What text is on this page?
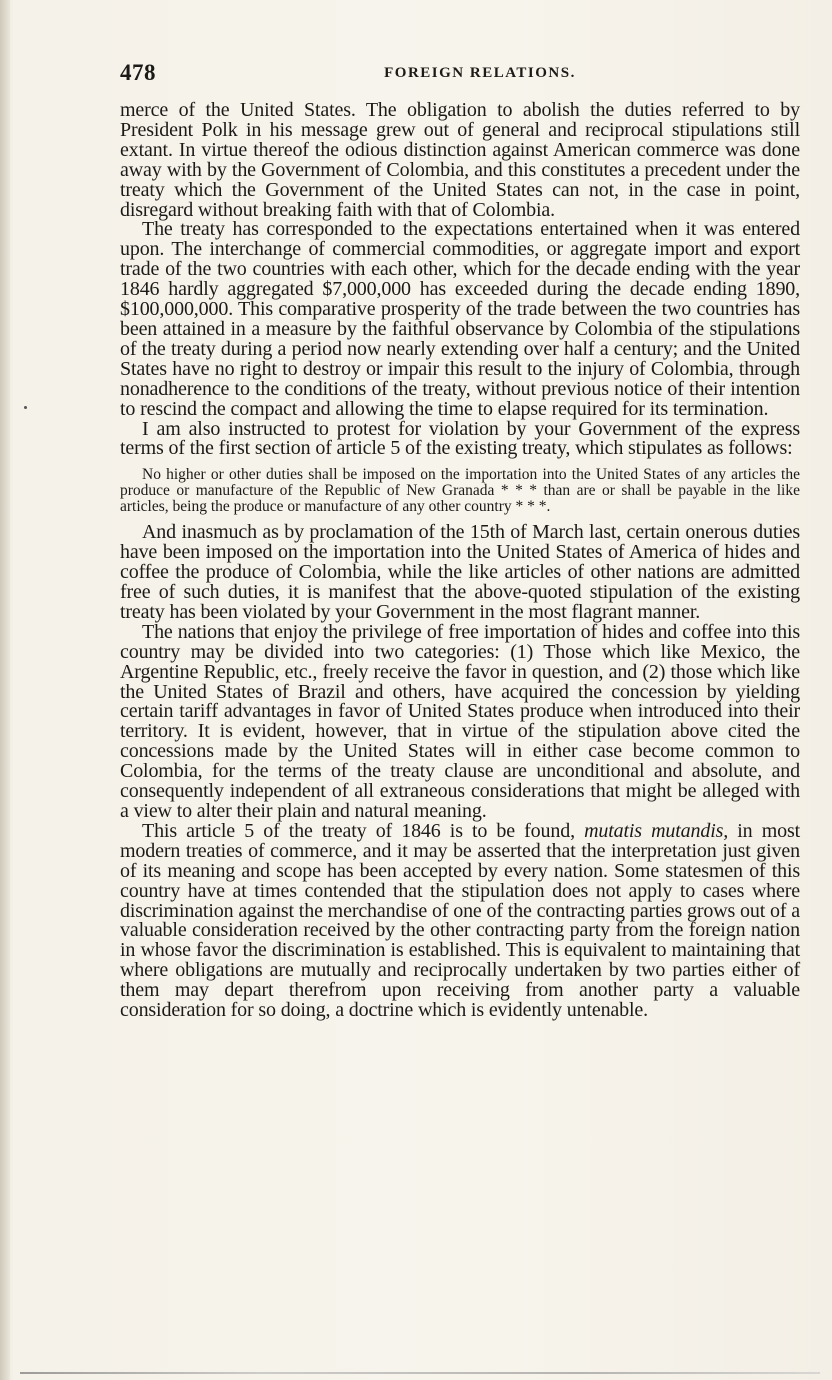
478	FOREIGN RELATIONS.

merce of the United States. The obligation to abolish the duties referred to by President Polk in his message grew out of general and reciprocal stipulations still extant. In virtue thereof the odious distinction against American commerce was done away with by the Government of Colombia, and this constitutes a precedent under the treaty which the Government of the United States can not, in the case in point, disregard without breaking faith with that of Colombia.

The treaty has corresponded to the expectations entertained when it was entered upon. The interchange of commercial commodities, or aggregate import and export trade of the two countries with each other, which for the decade ending with the year 1846 hardly aggregated $7,000,000 has exceeded during the decade ending 1890, $100,000,000. This comparative prosperity of the trade between the two countries has been attained in a measure by the faithful observance by Colombia of the stipulations of the treaty during a period now nearly extending over half a century; and the United States have no right to destroy or impair this result to the injury of Colombia, through nonadherence to the conditions of the treaty, without previous notice of their intention to rescind the compact and allowing the time to elapse required for its termination.

I am also instructed to protest for violation by your Government of the express terms of the first section of article 5 of the existing treaty, which stipulates as follows:

No higher or other duties shall be imposed on the importation into the United States of any articles the produce or manufacture of the Republic of New Granada * * * than are or shall be payable in the like articles, being the produce or manufacture of any other country * * *.

And inasmuch as by proclamation of the 15th of March last, certain onerous duties have been imposed on the importation into the United States of America of hides and coffee the produce of Colombia, while the like articles of other nations are admitted free of such duties, it is manifest that the above-quoted stipulation of the existing treaty has been violated by your Government in the most flagrant manner.

The nations that enjoy the privilege of free importation of hides and coffee into this country may be divided into two categories: (1) Those which like Mexico, the Argentine Republic, etc., freely receive the favor in question, and (2) those which like the United States of Brazil and others, have acquired the concession by yielding certain tariff advantages in favor of United States produce when introduced into their territory. It is evident, however, that in virtue of the stipulation above cited the concessions made by the United States will in either case become common to Colombia, for the terms of the treaty clause are unconditional and absolute, and consequently independent of all extraneous considerations that might be alleged with a view to alter their plain and natural meaning.

This article 5 of the treaty of 1846 is to be found, mutatis mutandis, in most modern treaties of commerce, and it may be asserted that the interpretation just given of its meaning and scope has been accepted by every nation. Some statesmen of this country have at times contended that the stipulation does not apply to cases where discrimination against the merchandise of one of the contracting parties grows out of a valuable consideration received by the other contracting party from the foreign nation in whose favor the discrimination is established. This is equivalent to maintaining that where obligations are mutually and reciprocally undertaken by two parties either of them may depart therefrom upon receiving from another party a valuable consideration for so doing, a doctrine which is evidently untenable.
